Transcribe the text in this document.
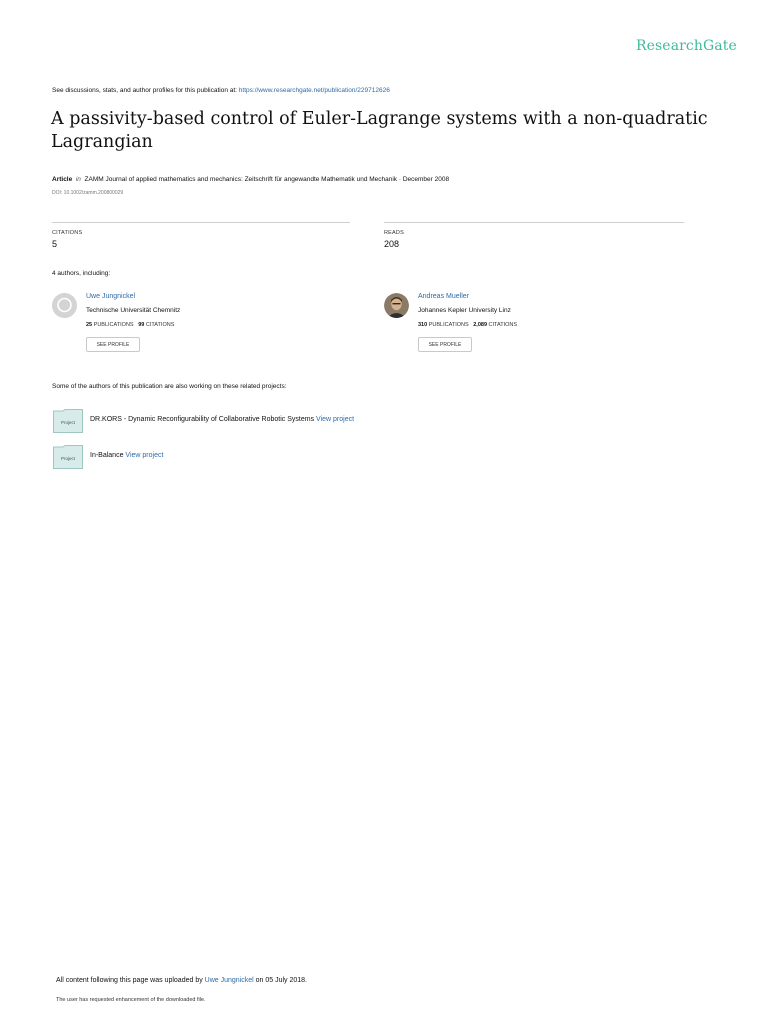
ResearchGate
See discussions, stats, and author profiles for this publication at: https://www.researchgate.net/publication/229712626
A passivity-based control of Euler-Lagrange systems with a non-quadratic Lagrangian
Article in ZAMM Journal of applied mathematics and mechanics: Zeitschrift für angewandte Mathematik und Mechanik · December 2008
DOI: 10.1002/zamm.200800029
CITATIONS
5
READS
208
4 authors, including:
Uwe Jungnickel
Technische Universität Chemnitz
25 PUBLICATIONS 99 CITATIONS
SEE PROFILE
Andreas Mueller
Johannes Kepler University Linz
310 PUBLICATIONS 2,089 CITATIONS
SEE PROFILE
Some of the authors of this publication are also working on these related projects:
Project DR.KORS - Dynamic Reconfigurability of Collaborative Robotic Systems View project
Project In-Balance View project
All content following this page was uploaded by Uwe Jungnickel on 05 July 2018.
The user has requested enhancement of the downloaded file.
